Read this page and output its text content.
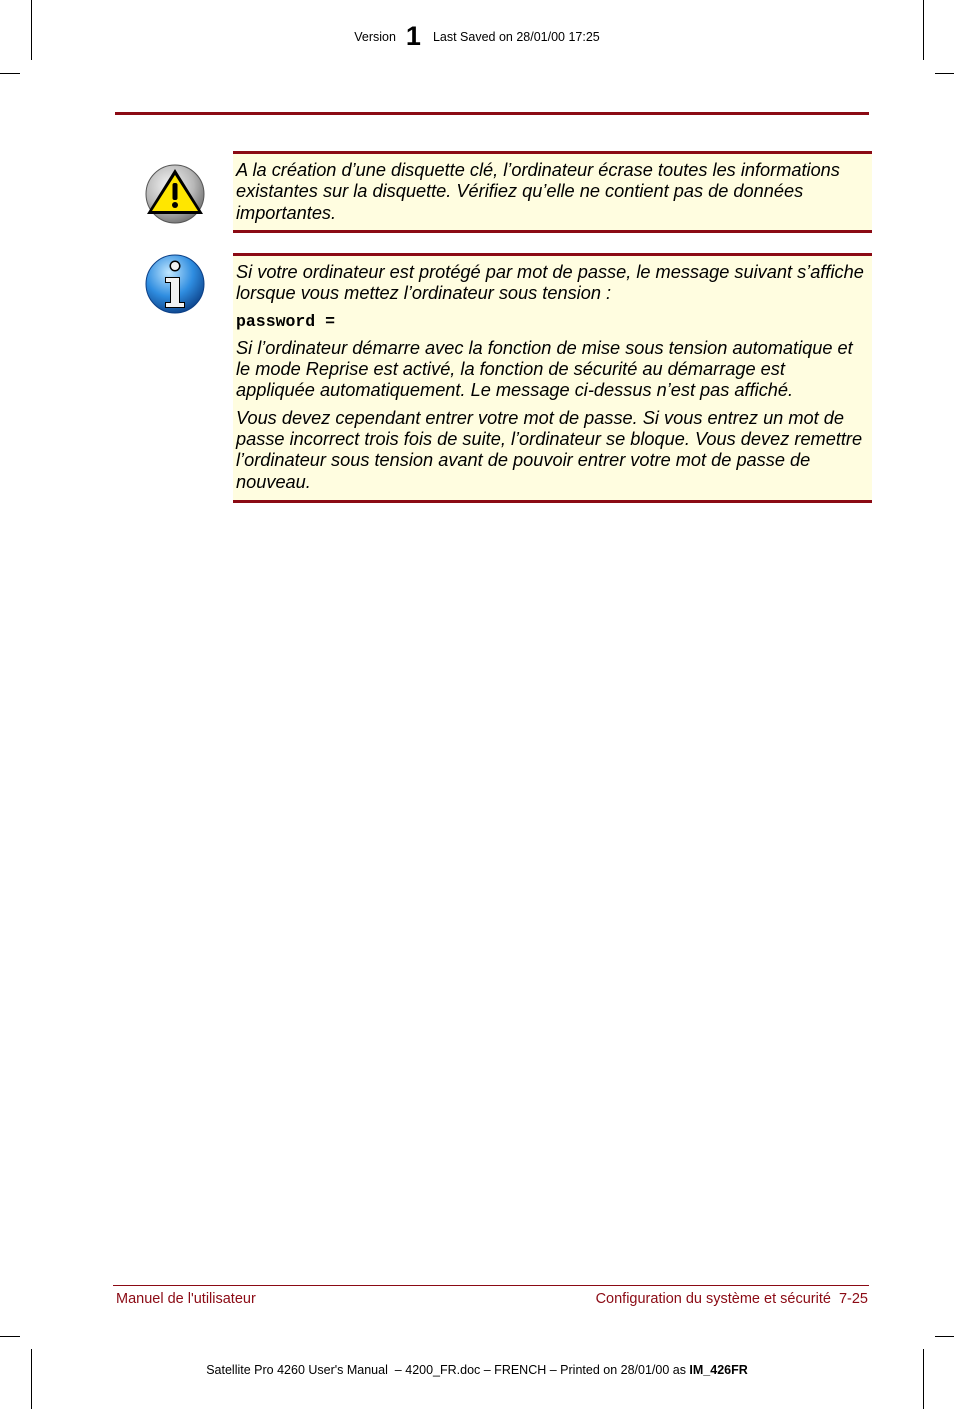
Version 1 Last Saved on 28/01/00 17:25

A la création d’une disquette clé, l’ordinateur écrase toutes les informations existantes sur la disquette. Vérifiez qu’elle ne contient pas de données importantes.

Si votre ordinateur est protégé par mot de passe, le message suivant s’affiche lorsque vous mettez l’ordinateur sous tension :

password =

Si l’ordinateur démarre avec la fonction de mise sous tension automatique et le mode Reprise est activé, la fonction de sécurité au démarrage est appliquée automatiquement. Le message ci-dessus n’est pas affiché.

Vous devez cependant entrer votre mot de passe. Si vous entrez un mot de passe incorrect trois fois de suite, l’ordinateur se bloque. Vous devez remettre l’ordinateur sous tension avant de pouvoir entrer votre mot de passe de nouveau.

Manuel de l'utilisateur	Configuration du système et sécurité  7-25
Satellite Pro 4260 User's Manual  – 4200_FR.doc – FRENCH – Printed on 28/01/00 as IM_426FR
